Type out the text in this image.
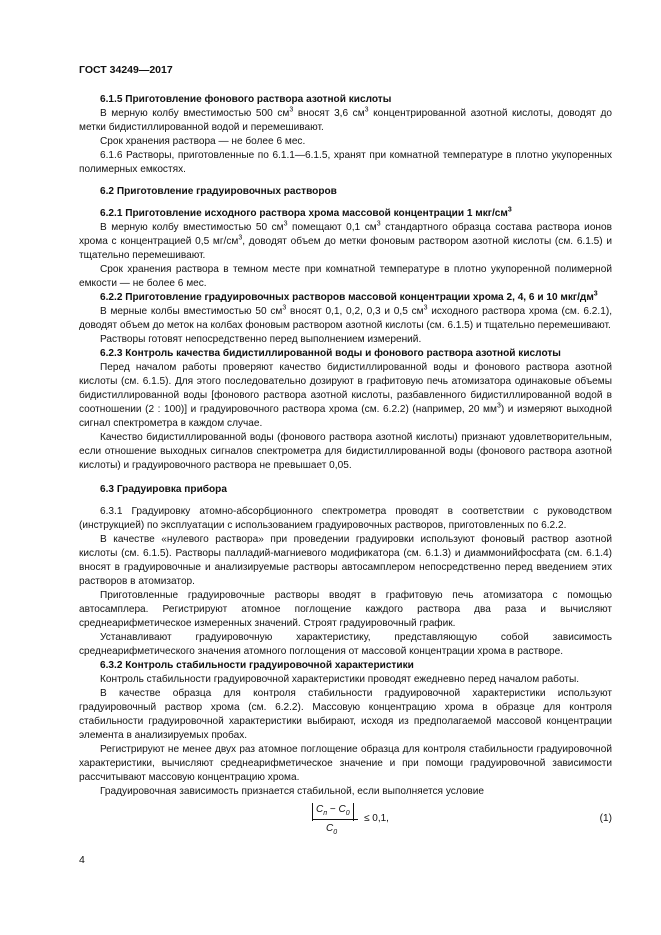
ГОСТ 34249—2017

6.1.5 Приготовление фонового раствора азотной кислоты

В мерную колбу вместимостью 500 $см^3$ вносят 3,6 $см^3$ концентрированной азотной кислоты, доводят до метки бидистиллированной водой и перемешивают.

Срок хранения раствора — не более 6 мес.

6.1.6 Растворы, приготовленные по 6.1.1—6.1.5, хранят при комнатной температуре в плотно укупоренных полимерных емкостях.

6.2 Приготовление градуировочных растворов

6.2.1 Приготовление исходного раствора хрома массовой концентрации 1 мкг/$см^3$

В мерную колбу вместимостью 50 $см^3$ помещают 0,1 $см^3$ стандартного образца состава раствора ионов хрома с концентрацией 0,5 $мг/см^3$, доводят объем до метки фоновым раствором азотной кислоты (см. 6.1.5) и тщательно перемешивают.

Срок хранения раствора в темном месте при комнатной температуре в плотно укупоренной полимерной емкости — не более 6 мес.

6.2.2 Приготовление градуировочных растворов массовой концентрации хрома 2, 4, 6 и 10 мкг/$дм^3$

В мерные колбы вместимостью 50 $см^3$ вносят 0,1, 0,2, 0,3 и 0,5 $см^3$ исходного раствора хрома (см. 6.2.1), доводят объем до меток на колбах фоновым раствором азотной кислоты (см. 6.1.5) и тщательно перемешивают.

Растворы готовят непосредственно перед выполнением измерений.

6.2.3 Контроль качества бидистиллированной воды и фонового раствора азотной кислоты

Перед началом работы проверяют качество бидистиллированной воды и фонового раствора азотной кислоты (см. 6.1.5). Для этого последовательно дозируют в графитовую печь атомизатора одинаковые объемы бидистиллированной воды [фонового раствора азотной кислоты, разбавленного бидистиллированной водой в соотношении (2 : 100)] и градуировочного раствора хрома (см. 6.2.2) (например, 20 $мм^3$) и измеряют выходной сигнал спектрометра в каждом случае.

Качество бидистиллированной воды (фонового раствора азотной кислоты) признают удовлетворительным, если отношение выходных сигналов спектрометра для бидистиллированной воды (фонового раствора азотной кислоты) и градуировочного раствора не превышает 0,05.

6.3 Градуировка прибора

6.3.1 Градуировку атомно-абсорбционного спектрометра проводят в соответствии с руководством (инструкцией) по эксплуатации с использованием градуировочных растворов, приготовленных по 6.2.2.

В качестве «нулевого раствора» при проведении градуировки используют фоновый раствор азотной кислоты (см. 6.1.5). Растворы палладий-магниевого модификатора (см. 6.1.3) и диаммонийфосфата (см. 6.1.4) вносят в градуировочные и анализируемые растворы автосамплером непосредственно перед введением этих растворов в атомизатор.

Приготовленные градуировочные растворы вводят в графитовую печь атомизатора с помощью автосамплера. Регистрируют атомное поглощение каждого раствора два раза и вычисляют среднеарифметическое измеренных значений. Строят градуировочный график.

Устанавливают градуировочную характеристику, представляющую собой зависимость среднеарифметического значения атомного поглощения от массовой концентрации хрома в растворе.

6.3.2 Контроль стабильности градуировочной характеристики

Контроль стабильности градуировочной характеристики проводят ежедневно перед началом работы.

В качестве образца для контроля стабильности градуировочной характеристики используют градуировочный раствор хрома (см. 6.2.2). Массовую концентрацию хрома в образце для контроля стабильности градуировочной характеристики выбирают, исходя из предполагаемой массовой концентрации элемента в анализируемых пробах.

Регистрируют не менее двух раз атомное поглощение образца для контроля стабильности градуировочной характеристики, вычисляют среднеарифметическое значение и при помощи градуировочной зависимости рассчитывают массовую концентрацию хрома.

Градуировочная зависимость признается стабильной, если выполняется условие

$C_п - C_0$
$C_0$
≤ 0,1,	(1)
4
